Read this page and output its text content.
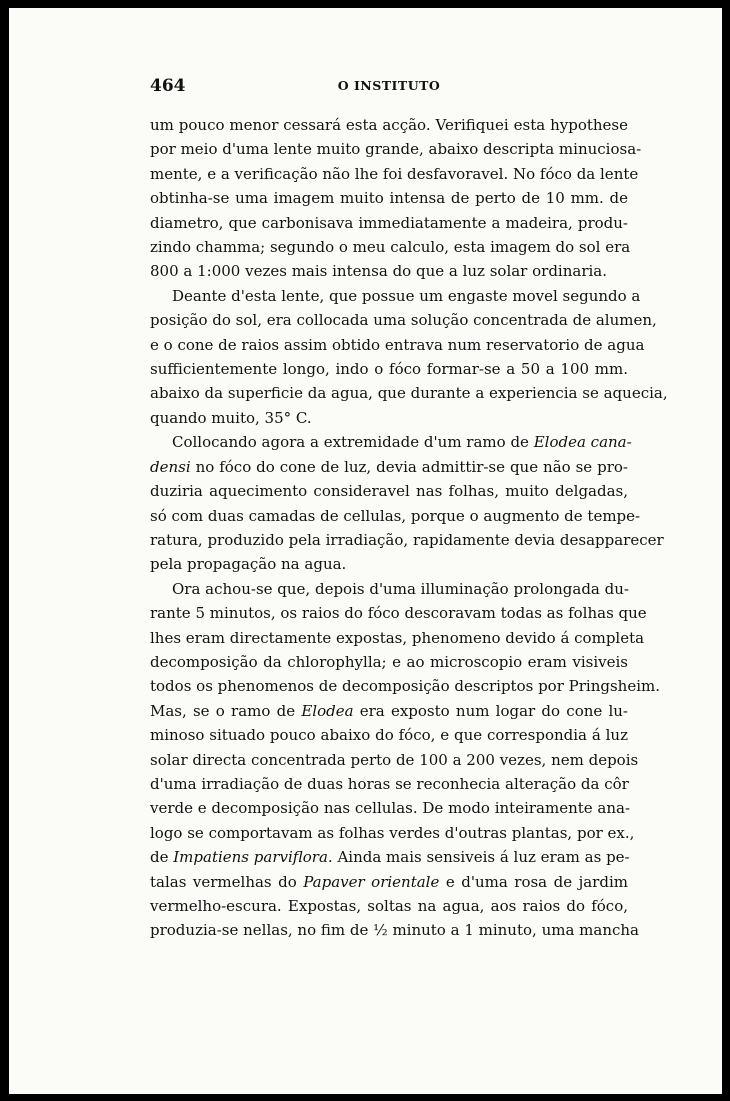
464	O INSTITUTO
um pouco menor cessará esta acção. Verifiquei esta hypothese
por meio d'uma lente muito grande, abaixo descripta minuciosa-
mente, e a verificação não lhe foi desfavoravel. No fóco da lente
obtinha-se uma imagem muito intensa de perto de 10 mm. de
diametro, que carbonisava immediatamente a madeira, produ-
zindo chamma; segundo o meu calculo, esta imagem do sol era
800 a 1:000 vezes mais intensa do que a luz solar ordinaria.
Deante d'esta lente, que possue um engaste movel segundo a
posição do sol, era collocada uma solução concentrada de alumen,
e o cone de raios assim obtido entrava num reservatorio de agua
sufficientemente longo, indo o fóco formar-se a 50 a 100 mm.
abaixo da superficie da agua, que durante a experiencia se aquecia,
quando muito, 35° C.
Collocando agora a extremidade d'um ramo de Elodea cana-
densi no fóco do cone de luz, devia admittir-se que não se pro-
duziria aquecimento consideravel nas folhas, muito delgadas,
só com duas camadas de cellulas, porque o augmento de tempe-
ratura, produzido pela irradiação, rapidamente devia desapparecer
pela propagação na agua.
Ora achou-se que, depois d'uma illuminação prolongada du-
rante 5 minutos, os raios do fóco descoravam todas as folhas que
lhes eram directamente expostas, phenomeno devido á completa
decomposição da chlorophylla; e ao microscopio eram visiveis
todos os phenomenos de decomposição descriptos por Pringsheim.
Mas, se o ramo de Elodea era exposto num logar do cone lu-
minoso situado pouco abaixo do fóco, e que correspondia á luz
solar directa concentrada perto de 100 a 200 vezes, nem depois
d'uma irradiação de duas horas se reconhecia alteração da côr
verde e decomposição nas cellulas. De modo inteiramente ana-
logo se comportavam as folhas verdes d'outras plantas, por ex.,
de Impatiens parviflora. Ainda mais sensiveis á luz eram as pe-
talas vermelhas do Papaver orientale e d'uma rosa de jardim
vermelho-escura. Expostas, soltas na agua, aos raios do fóco,
produzia-se nellas, no fim de ½ minuto a 1 minuto, uma mancha
